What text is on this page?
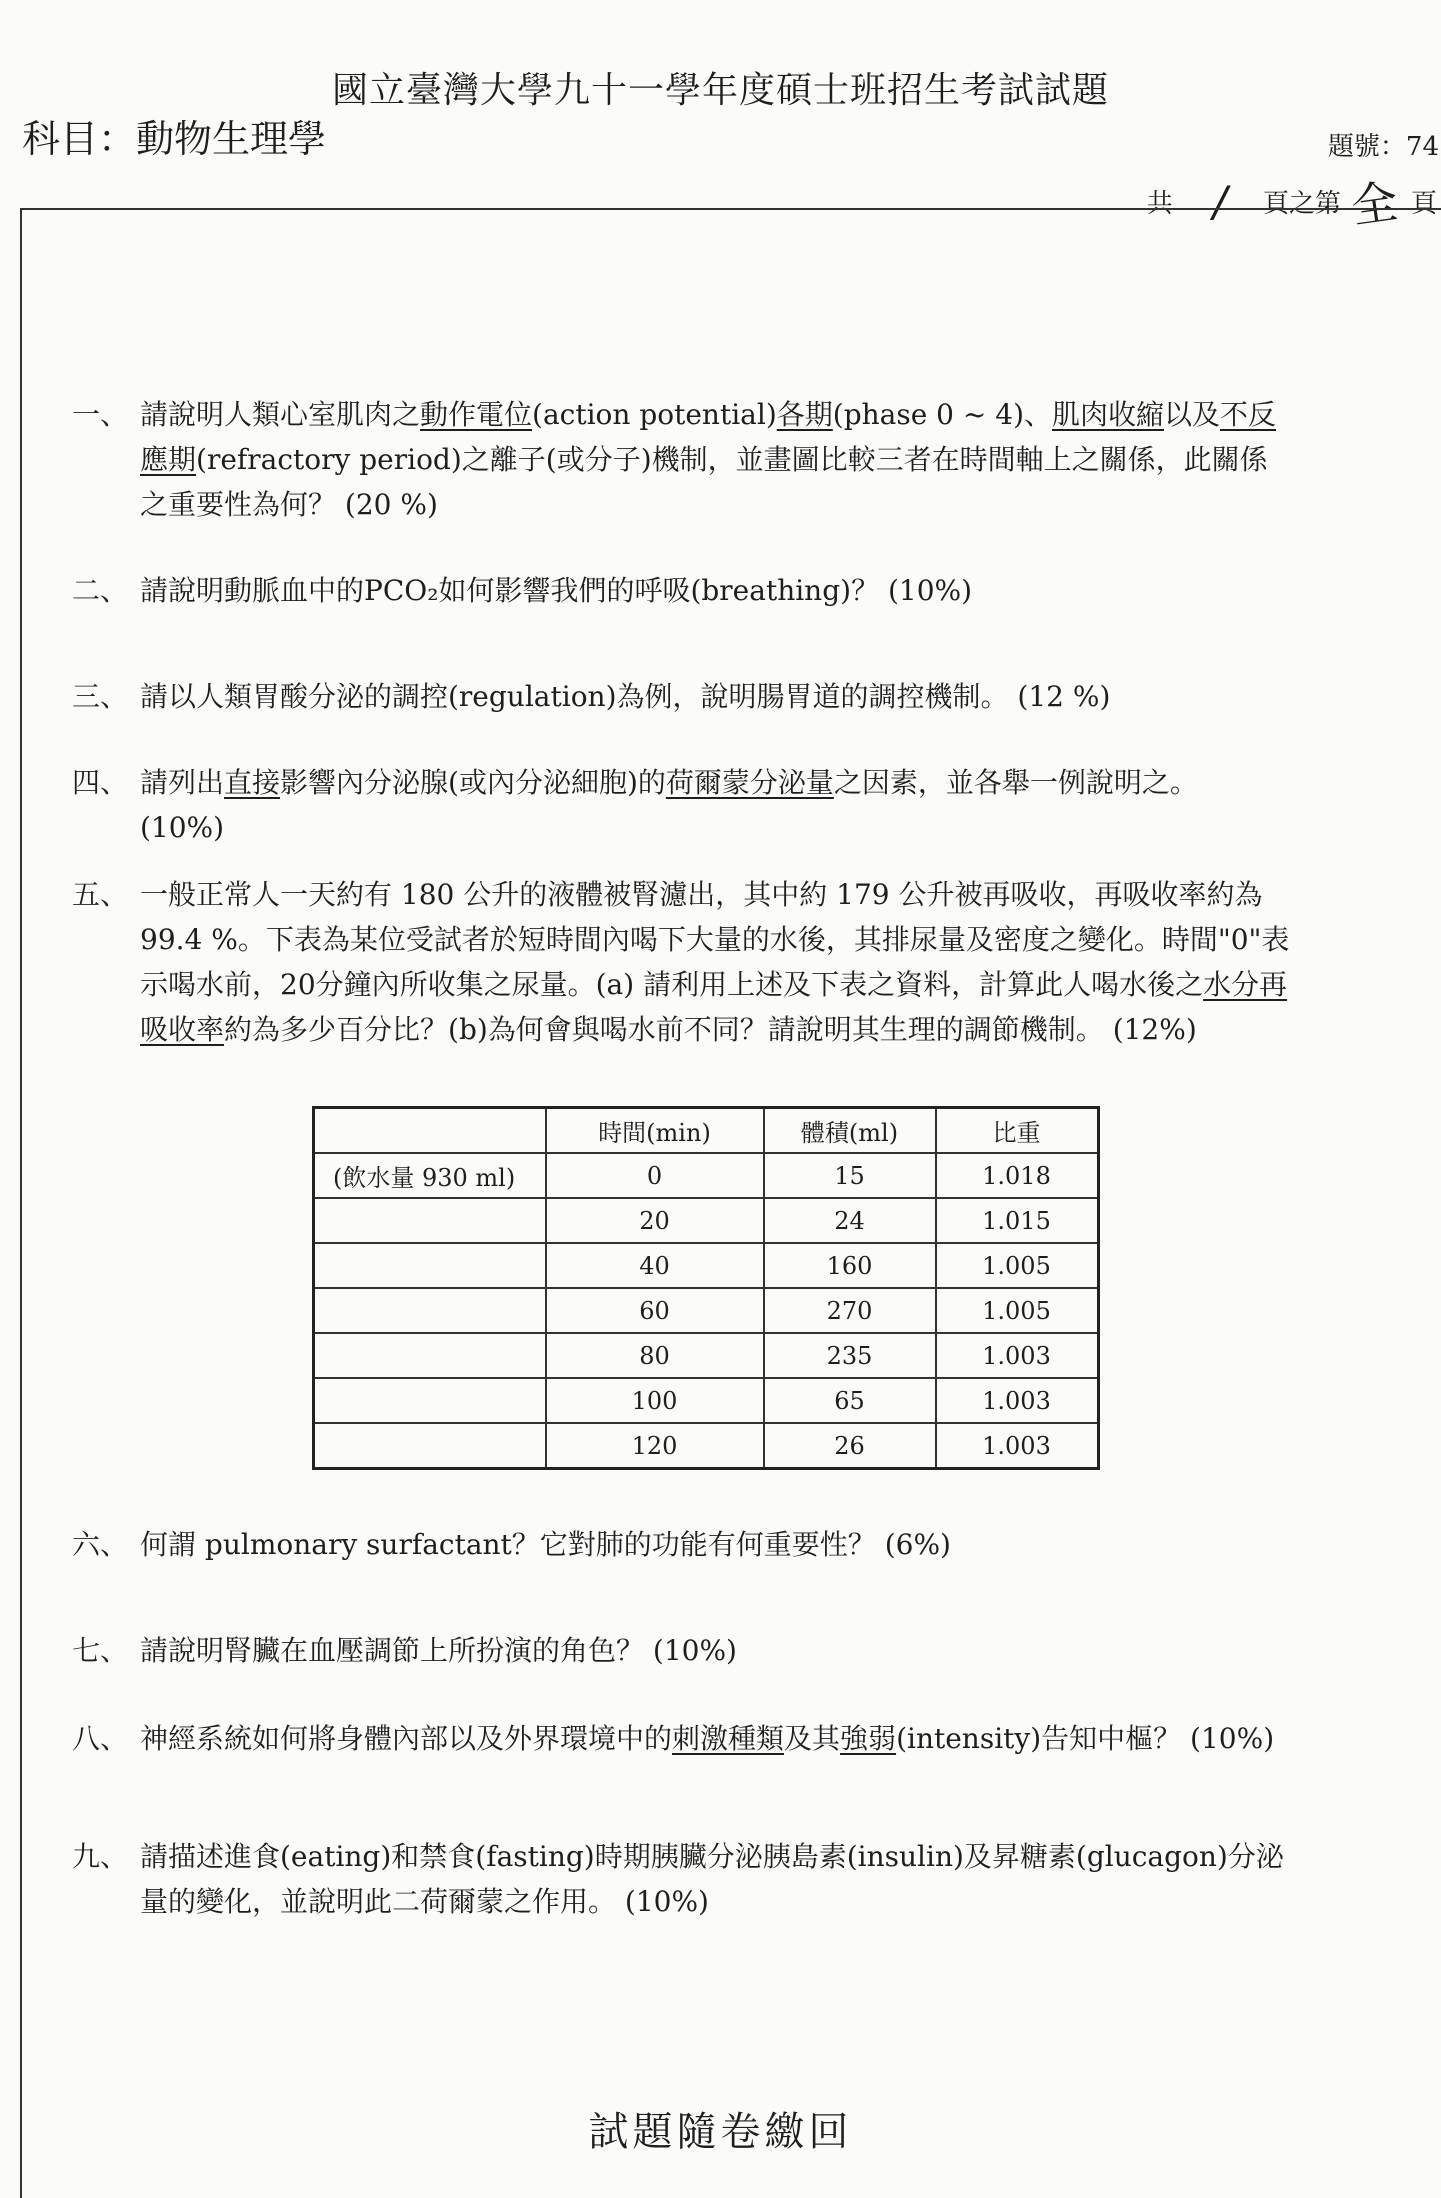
國立臺灣大學九十一學年度碩士班招生考試試題
科目：動物生理學	題號：74
共 / 頁之第 全 頁
一、 請說明人類心室肌肉之動作電位(action potential)各期(phase 0 ~ 4)、肌肉收縮以及不反應期(refractory period)之離子(或分子)機制，並畫圖比較三者在時間軸上之關係，此關係之重要性為何？ (20 %)
二、 請說明動脈血中的PCO₂如何影響我們的呼吸(breathing)？ (10%)
三、 請以人類胃酸分泌的調控(regulation)為例，說明腸胃道的調控機制。 (12 %)
四、 請列出直接影響內分泌腺(或內分泌細胞)的荷爾蒙分泌量之因素，並各舉一例說明之。 (10%)
五、 一般正常人一天約有 180 公升的液體被腎濾出，其中約 179 公升被再吸收，再吸收率約為 99.4 %。下表為某位受試者於短時間內喝下大量的水後，其排尿量及密度之變化。時間"0"表示喝水前，20分鐘內所收集之尿量。(a) 請利用上述及下表之資料，計算此人喝水後之水分再吸收率約為多少百分比？(b)為何會與喝水前不同？請說明其生理的調節機制。 (12%)
	時間(min)	體積(ml)	比重
(飲水量 930 ml)	0	15	1.018
	20	24	1.015
	40	160	1.005
	60	270	1.005
	80	235	1.003
	100	65	1.003
	120	26	1.003
六、 何謂 pulmonary surfactant？它對肺的功能有何重要性？ (6%)
七、 請說明腎臟在血壓調節上所扮演的角色？ (10%)
八、 神經系統如何將身體內部以及外界環境中的刺激種類及其強弱(intensity)告知中樞？ (10%)
九、 請描述進食(eating)和禁食(fasting)時期胰臟分泌胰島素(insulin)及昇糖素(glucagon)分泌量的變化，並說明此二荷爾蒙之作用。 (10%)
試題隨卷繳回
